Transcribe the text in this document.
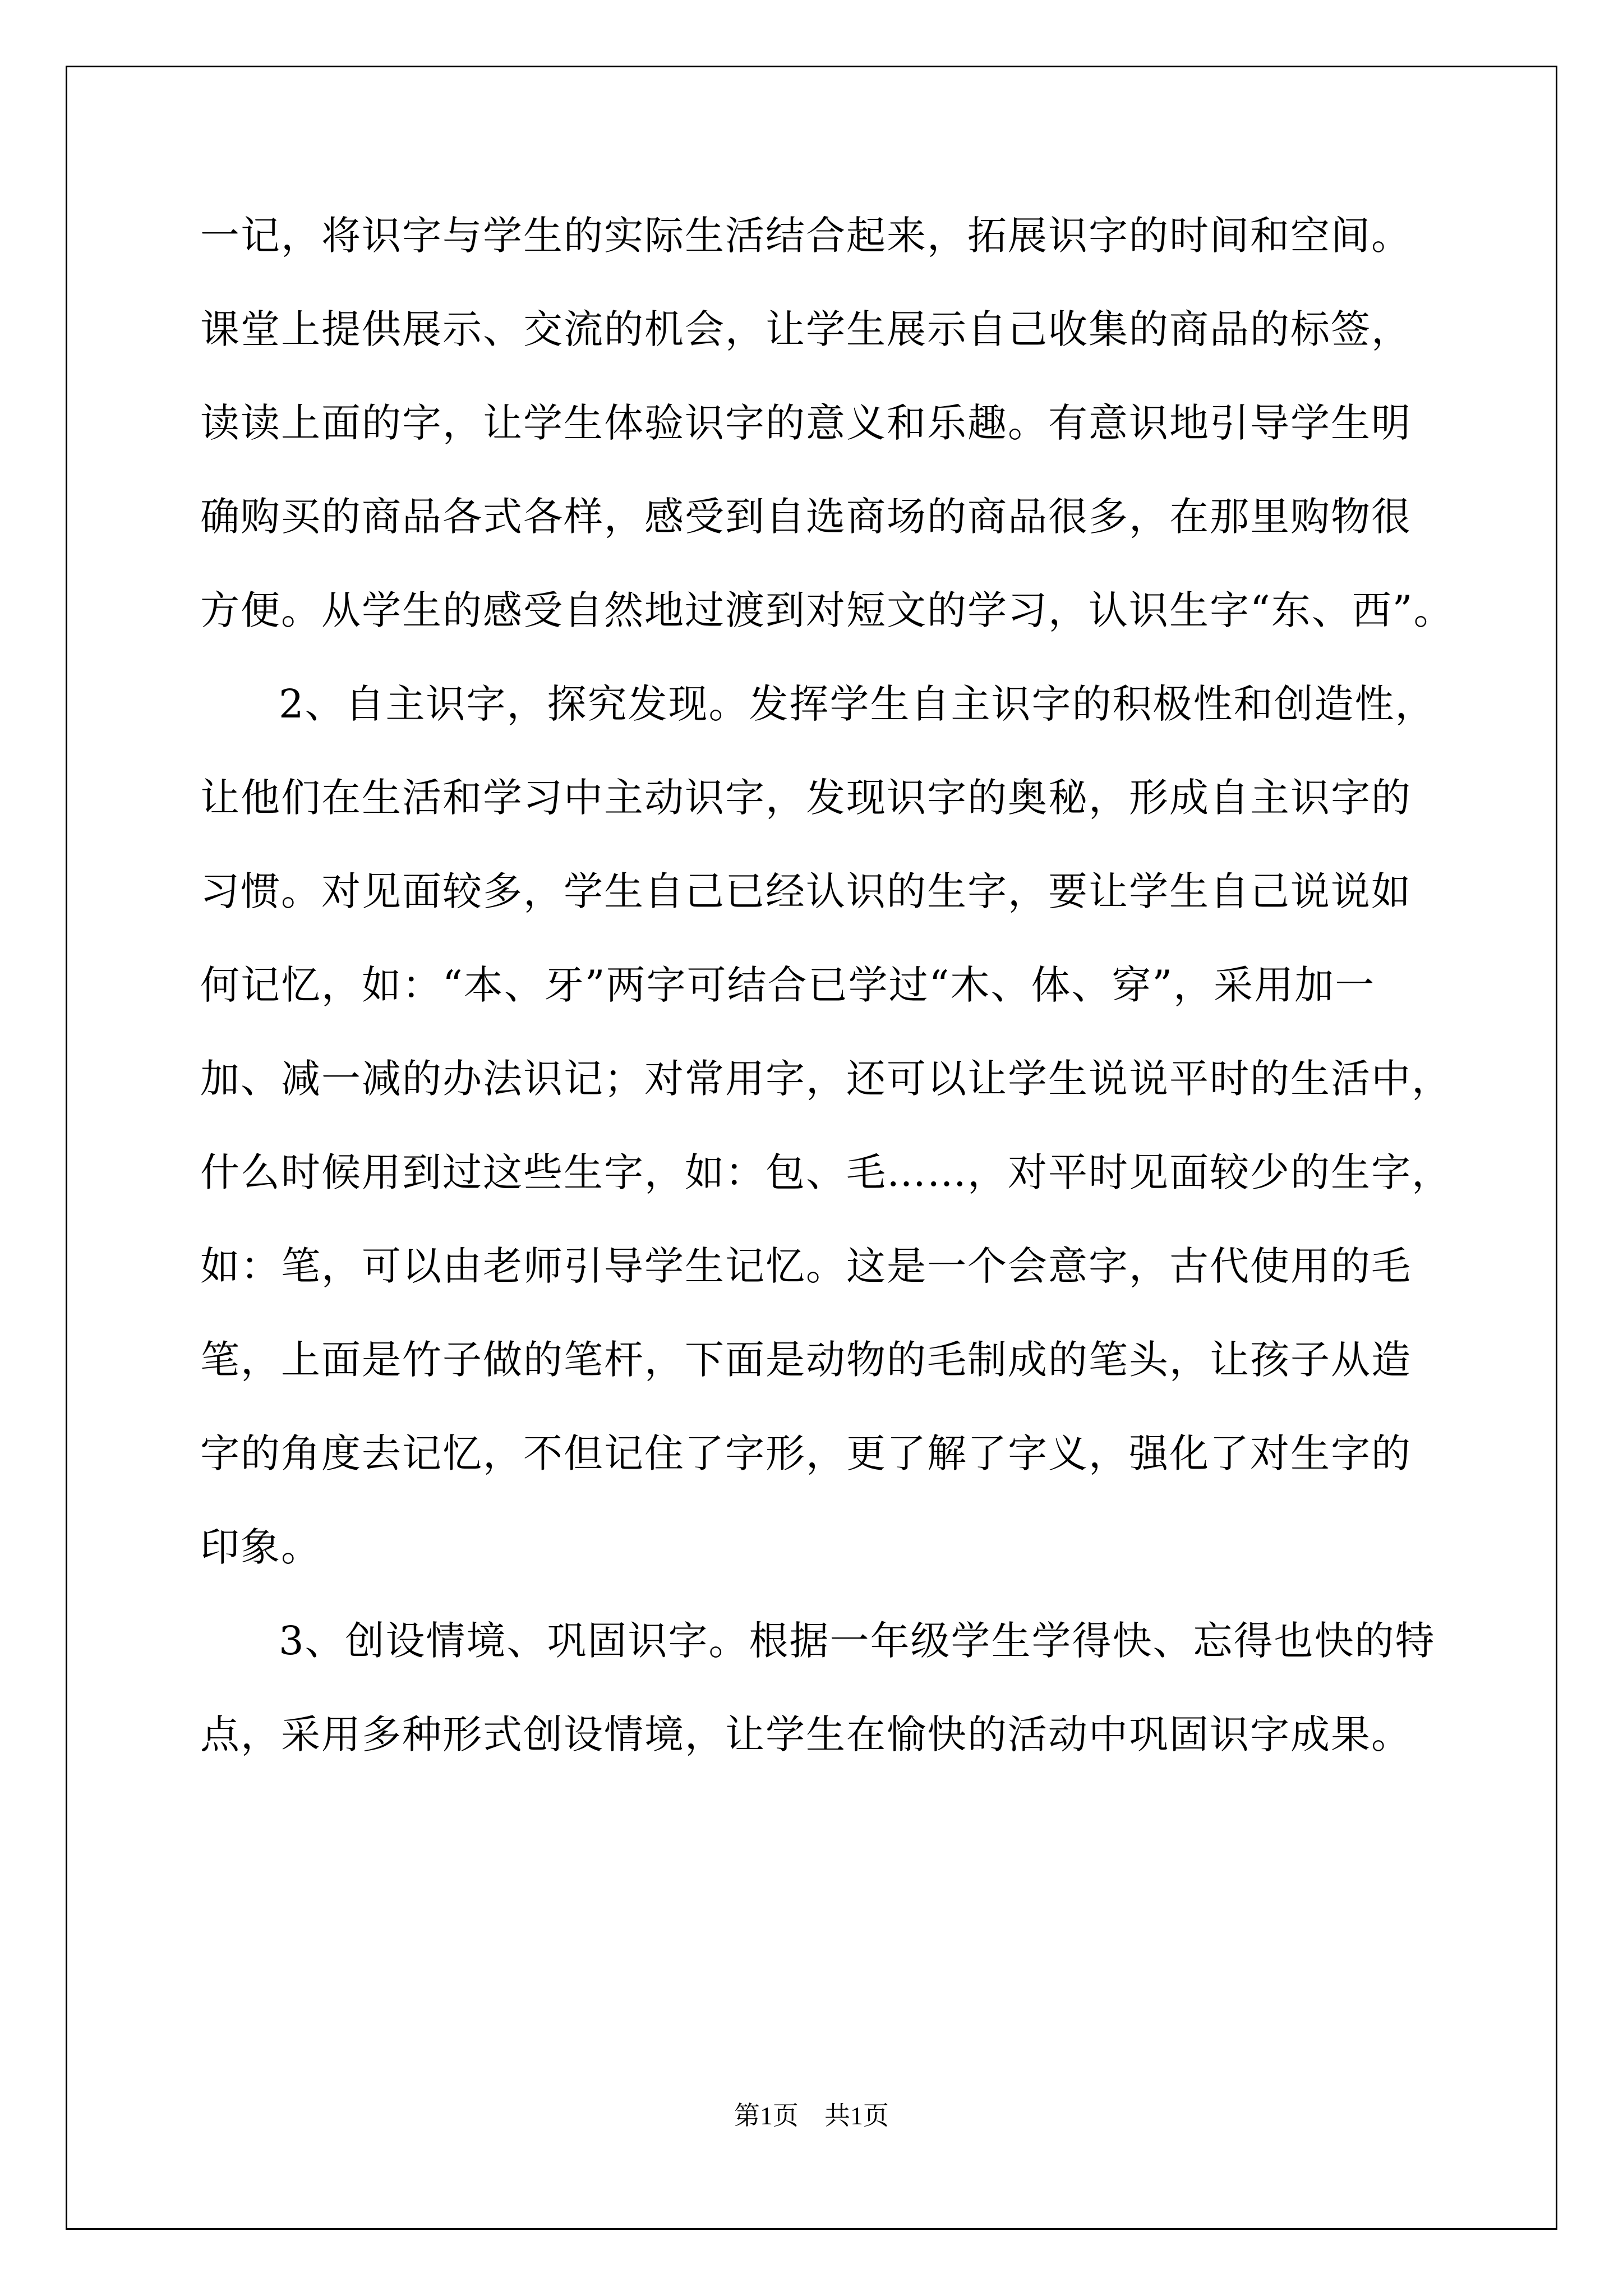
一记，将识字与学生的实际生活结合起来，拓展识字的时间和空间。
课堂上提供展示、交流的机会，让学生展示自己收集的商品的标签，
读读上面的字，让学生体验识字的意义和乐趣。有意识地引导学生明
确购买的商品各式各样，感受到自选商场的商品很多，在那里购物很
方便。从学生的感受自然地过渡到对短文的学习，认识生字“东、西”。
2、自主识字，探究发现。发挥学生自主识字的积极性和创造性，
让他们在生活和学习中主动识字，发现识字的奥秘，形成自主识字的
习惯。对见面较多，学生自己已经认识的生字，要让学生自己说说如
何记忆，如：“本、牙”两字可结合已学过“木、体、穿”，采用加一
加、减一减的办法识记；对常用字，还可以让学生说说平时的生活中，
什么时候用到过这些生字，如：包、毛……，对平时见面较少的生字，
如：笔，可以由老师引导学生记忆。这是一个会意字，古代使用的毛
笔，上面是竹子做的笔杆，下面是动物的毛制成的笔头，让孩子从造
字的角度去记忆，不但记住了字形，更了解了字义，强化了对生字的
印象。
3、创设情境、巩固识字。根据一年级学生学得快、忘得也快的特
点，采用多种形式创设情境，让学生在愉快的活动中巩固识字成果。
第1页　共1页
